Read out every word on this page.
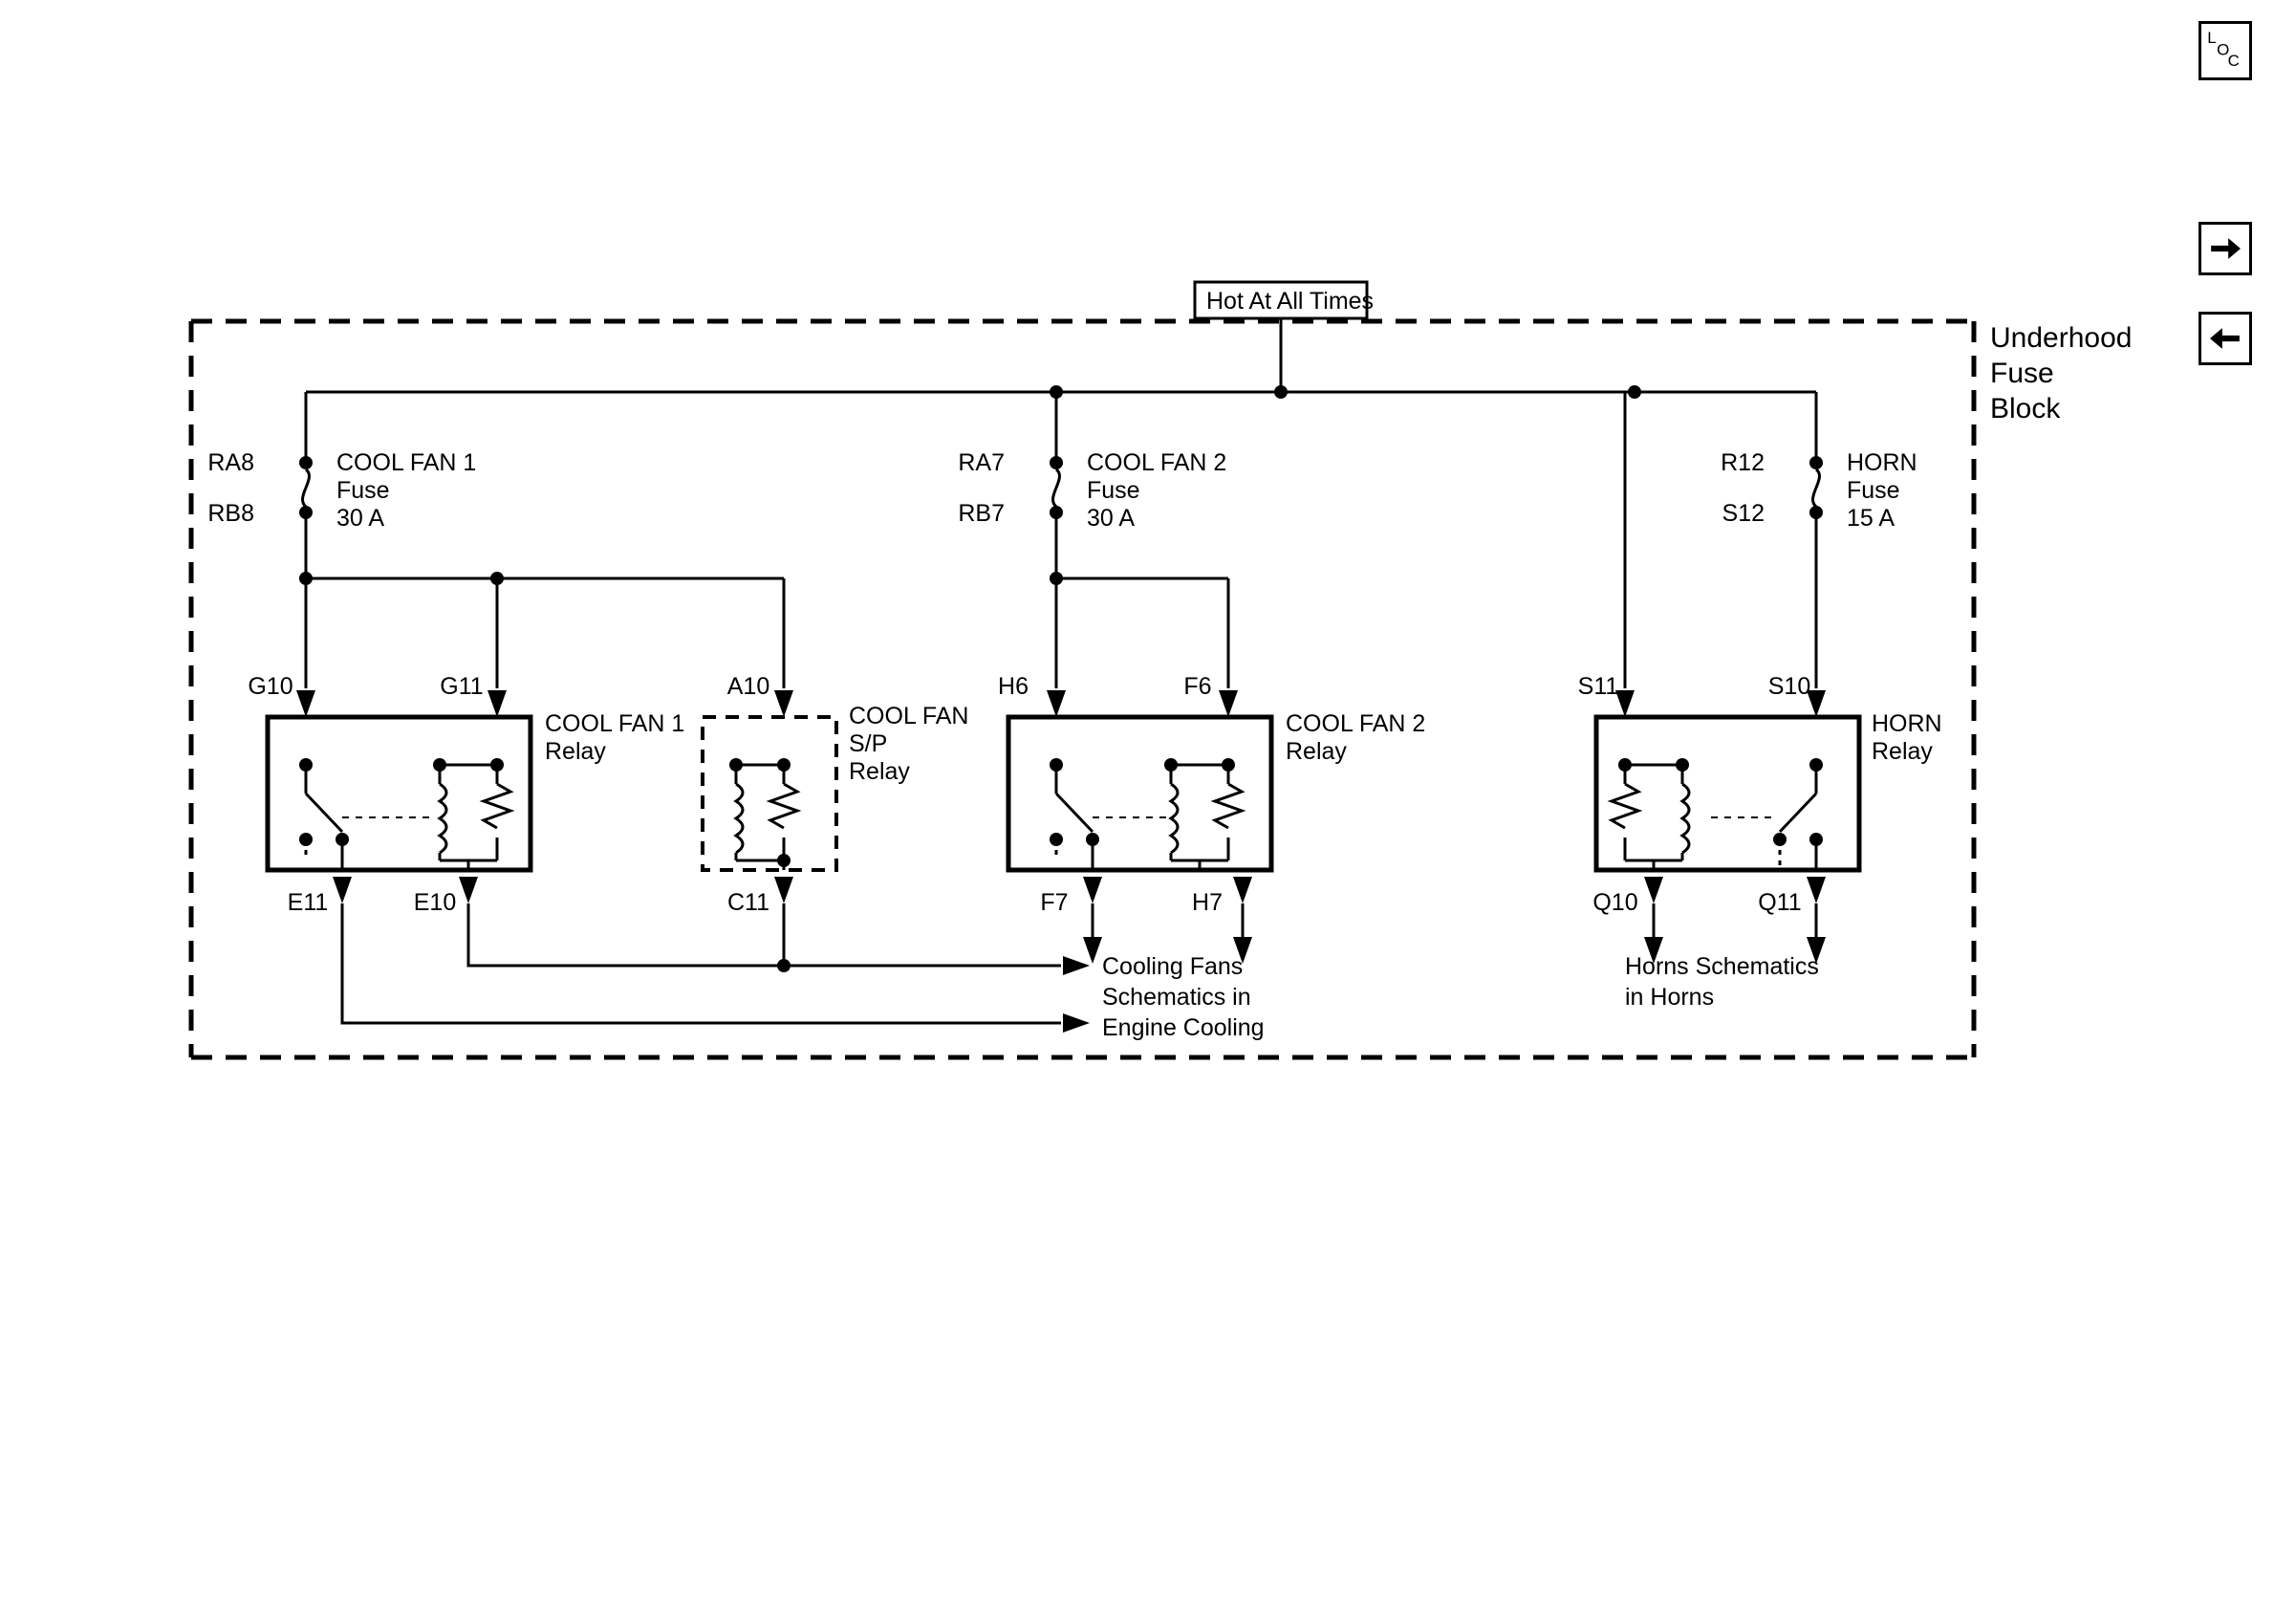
Hot At All Times
Underhood
Fuse
Block
RA8
RB8
COOL FAN 1
Fuse
30 A
RA7
RB7
COOL FAN 2
Fuse
30 A
R12
S12
HORN
Fuse
15 A
G10	G11
E11	E10
COOL FAN 1
Relay
A10
C11
COOL FAN
S/P
Relay
H6	F6
F7	H7
COOL FAN 2
Relay
S11	S10
Q10	Q11
HORN
Relay
Cooling Fans
Schematics in
Engine Cooling
Horns Schematics
in Horns
L
O
C
